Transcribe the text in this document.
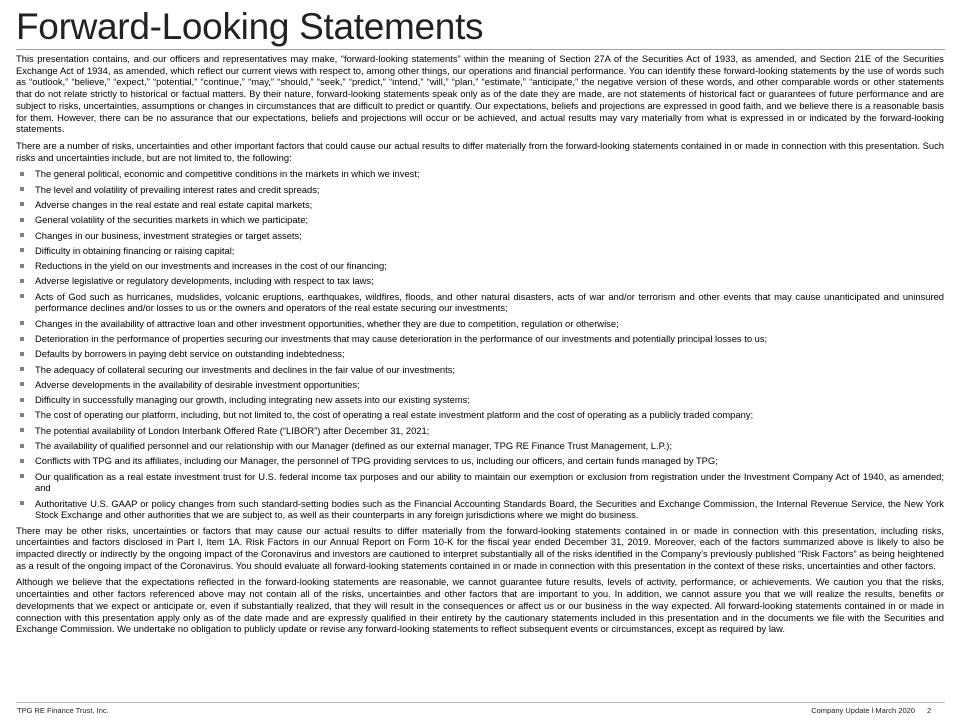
Forward-Looking Statements

This presentation contains, and our officers and representatives may make, “forward-looking statements” within the meaning of Section 27A of the Securities Act of 1933, as amended, and Section 21E of the Securities Exchange Act of 1934, as amended, which reflect our current views with respect to, among other things, our operations and financial performance. You can identify these forward-looking statements by the use of words such as “outlook,” “believe,” “expect,” “potential,” “continue,” “may,” “should,” “seek,” “predict,” “intend,” “will,” “plan,” “estimate,” “anticipate,” the negative version of these words, and other comparable words or other statements that do not relate strictly to historical or factual matters. By their nature, forward-looking statements speak only as of the date they are made, are not statements of historical fact or guarantees of future performance and are subject to risks, uncertainties, assumptions or changes in circumstances that are difficult to predict or quantify. Our expectations, beliefs and projections are expressed in good faith, and we believe there is a reasonable basis for them. However, there can be no assurance that our expectations, beliefs and projections will occur or be achieved, and actual results may vary materially from what is expressed in or indicated by the forward-looking statements.

There are a number of risks, uncertainties and other important factors that could cause our actual results to differ materially from the forward-looking statements contained in or made in connection with this presentation. Such risks and uncertainties include, but are not limited to, the following:

The general political, economic and competitive conditions in the markets in which we invest;
The level and volatility of prevailing interest rates and credit spreads;
Adverse changes in the real estate and real estate capital markets;
General volatility of the securities markets in which we participate;
Changes in our business, investment strategies or target assets;
Difficulty in obtaining financing or raising capital;
Reductions in the yield on our investments and increases in the cost of our financing;
Adverse legislative or regulatory developments, including with respect to tax laws;
Acts of God such as hurricanes, mudslides, volcanic eruptions, earthquakes, wildfires, floods, and other natural disasters, acts of war and/or terrorism and other events that may cause unanticipated and uninsured performance declines and/or losses to us or the owners and operators of the real estate securing our investments;
Changes in the availability of attractive loan and other investment opportunities, whether they are due to competition, regulation or otherwise;
Deterioration in the performance of properties securing our investments that may cause deterioration in the performance of our investments and potentially principal losses to us;
Defaults by borrowers in paying debt service on outstanding indebtedness;
The adequacy of collateral securing our investments and declines in the fair value of our investments;
Adverse developments in the availability of desirable investment opportunities;
Difficulty in successfully managing our growth, including integrating new assets into our existing systems;
The cost of operating our platform, including, but not limited to, the cost of operating a real estate investment platform and the cost of operating as a publicly traded company;
The potential availability of London Interbank Offered Rate (“LIBOR”) after December 31, 2021;
The availability of qualified personnel and our relationship with our Manager (defined as our external manager, TPG RE Finance Trust Management, L.P.);
Conflicts with TPG and its affiliates, including our Manager, the personnel of TPG providing services to us, including our officers, and certain funds managed by TPG;
Our qualification as a real estate investment trust for U.S. federal income tax purposes and our ability to maintain our exemption or exclusion from registration under the Investment Company Act of 1940, as amended; and
Authoritative U.S. GAAP or policy changes from such standard-setting bodies such as the Financial Accounting Standards Board, the Securities and Exchange Commission, the Internal Revenue Service, the New York Stock Exchange and other authorities that we are subject to, as well as their counterparts in any foreign jurisdictions where we might do business.

There may be other risks, uncertainties or factors that may cause our actual results to differ materially from the forward-looking statements contained in or made in connection with this presentation, including risks, uncertainties and factors disclosed in Part I, Item 1A. Risk Factors in our Annual Report on Form 10-K for the fiscal year ended December 31, 2019. Moreover, each of the factors summarized above is likely to also be impacted directly or indirectly by the ongoing impact of the Coronavirus and investors are cautioned to interpret substantially all of the risks identified in the Company’s previously published “Risk Factors” as being heightened as a result of the ongoing impact of the Coronavirus. You should evaluate all forward-looking statements contained in or made in connection with this presentation in the context of these risks, uncertainties and other factors.

Although we believe that the expectations reflected in the forward-looking statements are reasonable, we cannot guarantee future results, levels of activity, performance, or achievements. We caution you that the risks, uncertainties and other factors referenced above may not contain all of the risks, uncertainties and other factors that are important to you. In addition, we cannot assure you that we will realize the results, benefits or developments that we expect or anticipate or, even if substantially realized, that they will result in the consequences or affect us or our business in the way expected. All forward-looking statements contained in or made in connection with this presentation apply only as of the date made and are expressly qualified in their entirety by the cautionary statements included in this presentation and in the documents we file with the Securities and Exchange Commission. We undertake no obligation to publicly update or revise any forward-looking statements to reflect subsequent events or circumstances, except as required by law.

TPG RE Finance Trust, Inc.	Company Update l March 2020 2
